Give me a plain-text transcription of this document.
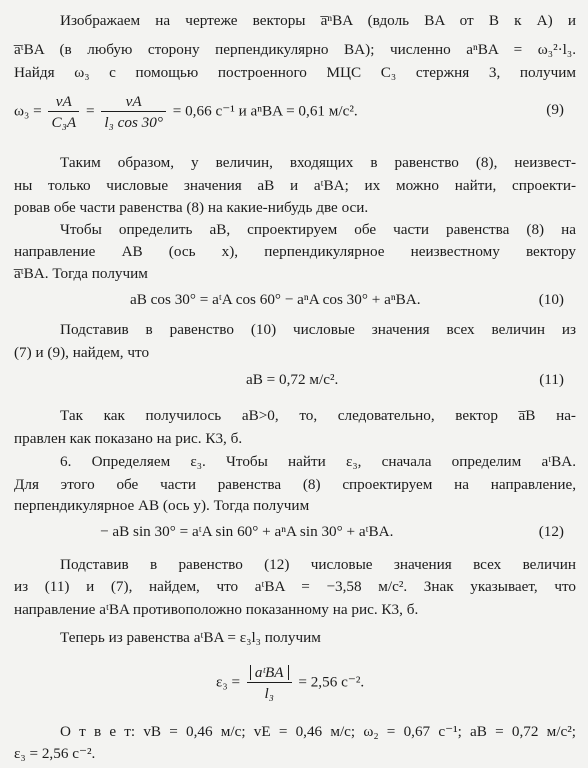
Изображаем на чертеже векторы a̅ⁿBA (вдоль BA от B к A) и
a̅ᵗBA (в любую сторону перпендикулярно BA); численно aⁿBA = ω₃²·l₃.
Найдя ω₃ с помощью построенного МЦС C₃ стержня 3, получим
$\omega_3 = \frac{vA}{\text{C₃A}} = \frac{vA}{\text{l₃ cos 30°}} = 0,66$ с⁻¹ и aⁿBA = 0,61 м/с².	(9)
Таким образом, у величин, входящих в равенство (8), неизвест-
ны только числовые значения aB и aᵗBA; их можно найти, спроекти-
ровав обе части равенства (8) на какие-нибудь две оси.
Чтобы определить aB, спроектируем обе части равенства (8) на
направление AB (ось x), перпендикулярное неизвестному вектору
a̅ᵗBA. Тогда получим
aB cos 30° = aᵗA cos 60° − aⁿA cos 30° + aⁿBA.	(10)
Подставив в равенство (10) числовые значения всех величин из
(7) и (9), найдем, что
aB = 0,72 м/с².	(11)
Так как получилось aB>0, то, следовательно, вектор a̅B на-
правлен как показано на рис. К3, б.
6. Определяем ε₃. Чтобы найти ε₃, сначала определим aᵗBA.
Для этого обе части равенства (8) спроектируем на направление,
перпендикулярное AB (ось y). Тогда получим
− aB sin 30° = aᵗA sin 60° + aⁿA sin 30° + aᵗBA.	(12)
Подставив в равенство (12) числовые значения всех величин
из (11) и (7), найдем, что aᵗBA = −3,58 м/с². Знак указывает, что
направление aᵗBA противоположно показанному на рис. К3, б.
Теперь из равенства aᵗBA = ε₃l₃ получим
$\varepsilon_3 = \frac{\text{aᵗBA}}{\text{l₃}} = 2,56$ с⁻².
О т в е т: vB = 0,46 м/с; vE = 0,46 м/с; ω₂ = 0,67 с⁻¹; aB = 0,72 м/с²;
ε₃ = 2,56 с⁻².
